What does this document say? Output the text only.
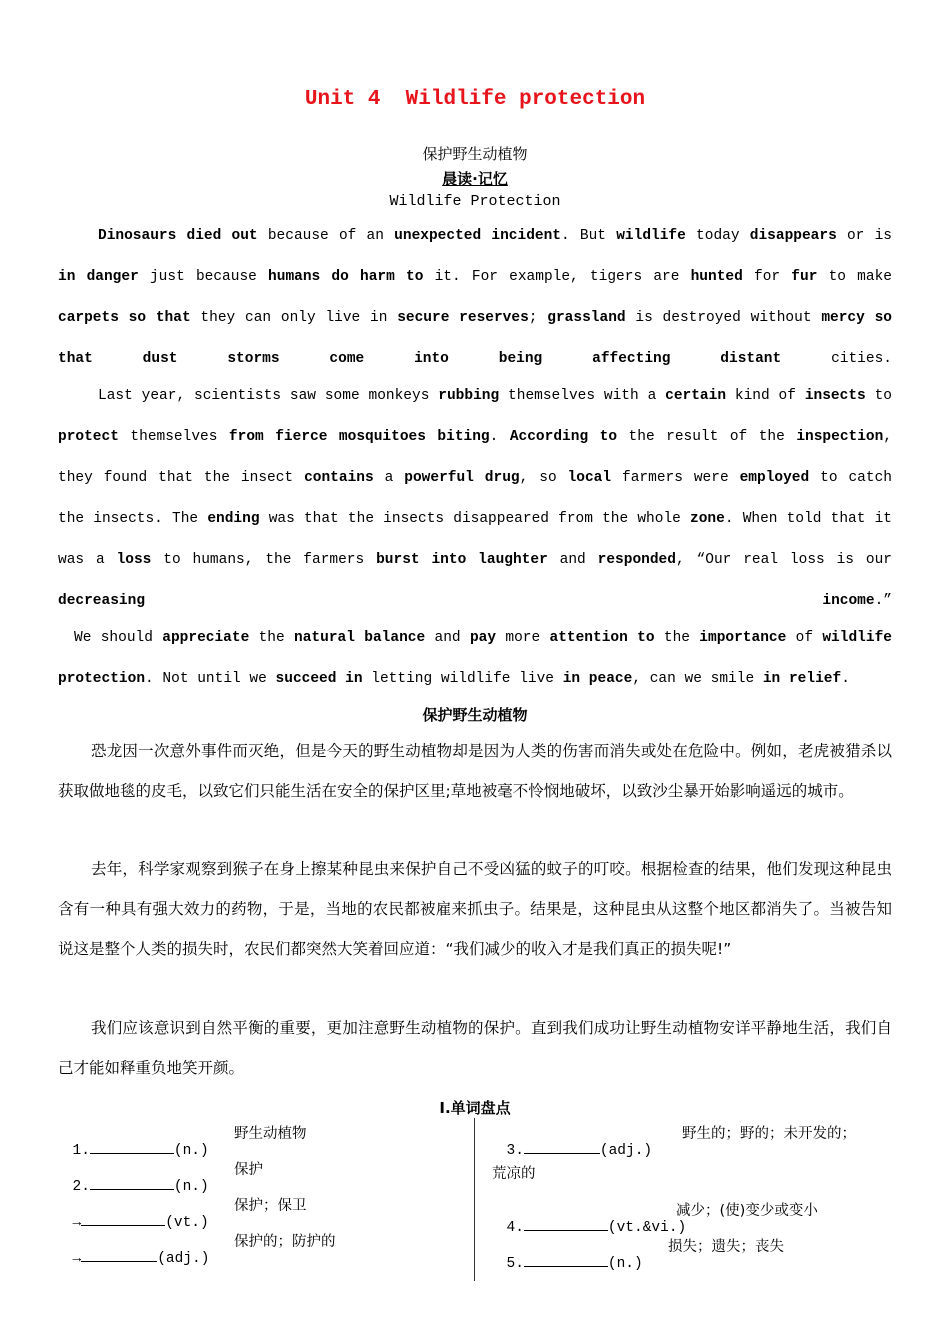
Unit 4  Wildlife protection
保护野生动植物
晨读·记忆
Wildlife Protection
Dinosaurs died out because of an unexpected incident. But wildlife today disappears or is in danger just because humans do harm to it. For example, tigers are hunted for fur to make carpets so that they can only live in secure reserves; grassland is destroyed without mercy so that dust storms come into being affecting distant cities.
Last year, scientists saw some monkeys rubbing themselves with a certain kind of insects to protect themselves from fierce mosquitoes biting. According to the result of the inspection, they found that the insect contains a powerful drug, so local farmers were employed to catch the insects. The ending was that the insects disappeared from the whole zone. When told that it was a loss to humans, the farmers burst into laughter and responded, “Our real loss is our decreasing	income.”
We should appreciate the natural balance and pay more attention to the importance of wildlife protection. Not until we succeed in letting wildlife live in peace, can we smile in relief.
保护野生动植物
恐龙因一次意外事件而灭绝，但是今天的野生动植物却是因为人类的伤害而消失或处在危险中。例如，老虎被猎杀以获取做地毯的皮毛，以致它们只能生活在安全的保护区里;草地被毫不怜悯地破坏，以致沙尘暴开始影响遥远的城市。
去年，科学家观察到猴子在身上擦某种昆虫来保护自己不受凶猛的蚊子的叮咬。根据检查的结果，他们发现这种昆虫含有一种具有强大效力的药物，于是，当地的农民都被雇来抓虫子。结果是，这种昆虫从这整个地区都消失了。当被告知说这是整个人类的损失时，农民们都突然大笑着回应道：“我们减少的收入才是我们真正的损失呢!”
我们应该意识到自然平衡的重要，更加注意野生动植物的保护。直到我们成功让野生动植物安详平静地生活，我们自己才能如释重负地笑开颜。
Ⅰ.单词盘点

1.	(n.)
野生动植物

2.	(n.)
保护

→	(vt.)
保护；保卫

→	(adj.)
保护的；防护的

3.	(adj.)
野生的；野的；未开发的；

荒凉的

4.	(vt.&vi.)
减少；(使)变少或变小

5.	(n.)
损失；遗失；丧失
